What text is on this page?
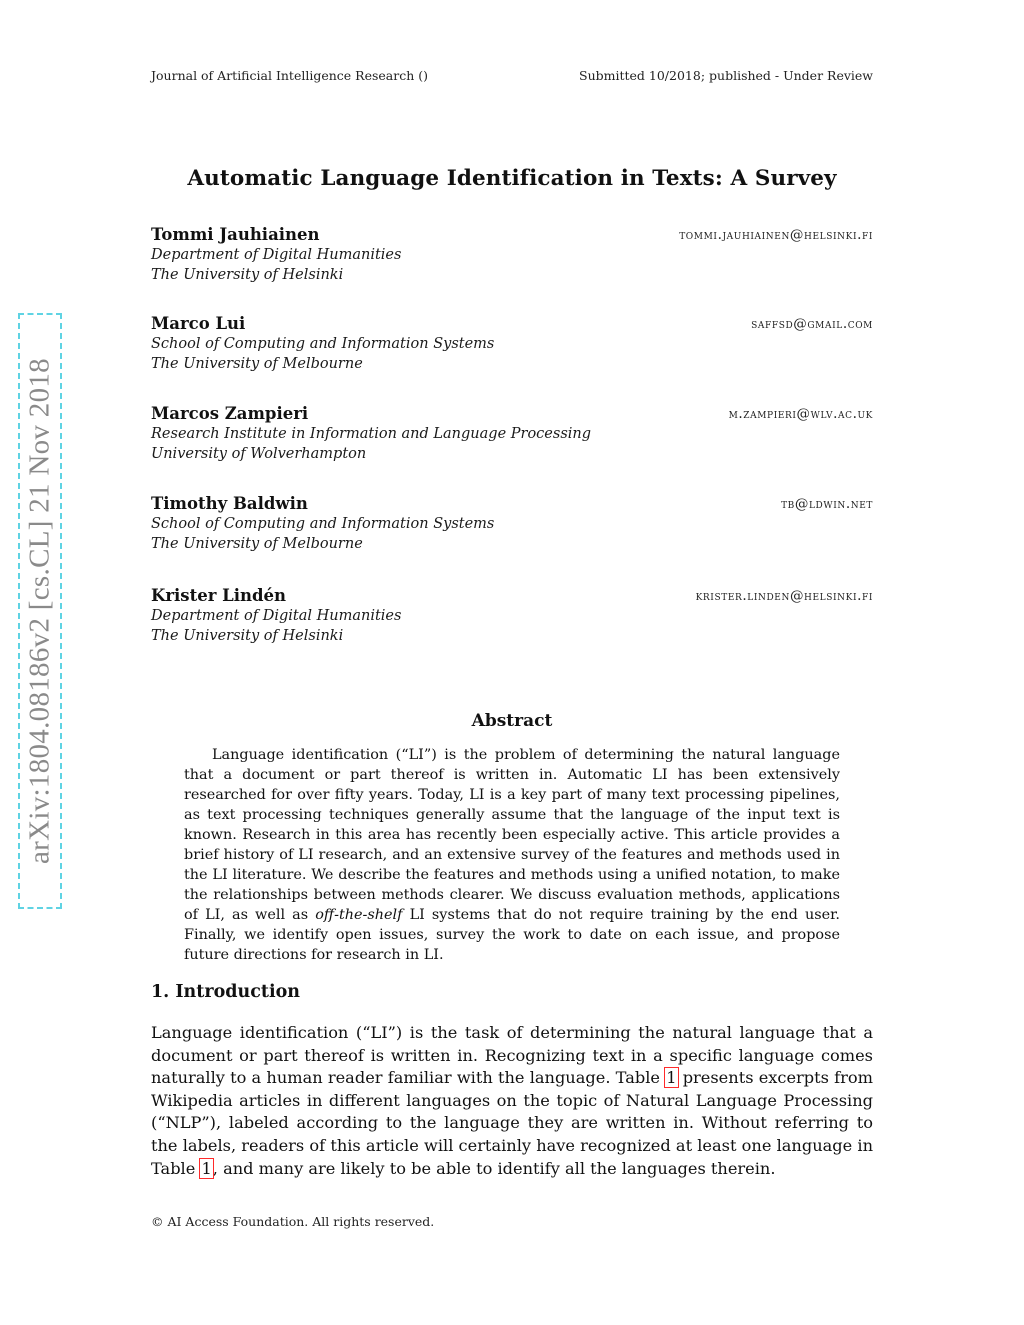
Journal of Artificial Intelligence Research ()	Submitted 10/2018; published - Under Review
Automatic Language Identification in Texts: A Survey
Tommi Jauhiainen	tommi.jauhiainen@helsinki.fi
Department of Digital Humanities
The University of Helsinki
Marco Lui	saffsd@gmail.com
School of Computing and Information Systems
The University of Melbourne
Marcos Zampieri	m.zampieri@wlv.ac.uk
Research Institute in Information and Language Processing
University of Wolverhampton
Timothy Baldwin	tb@ldwin.net
School of Computing and Information Systems
The University of Melbourne
Krister Lindén	krister.linden@helsinki.fi
Department of Digital Humanities
The University of Helsinki
arXiv:1804.08186v2 [cs.CL] 21 Nov 2018	Abstract

Language identification (“LI”) is the problem of determining the natural language that a document or part thereof is written in. Automatic LI has been extensively researched for over fifty years. Today, LI is a key part of many text processing pipelines, as text processing techniques generally assume that the language of the input text is known. Research in this area has recently been especially active. This article provides a brief history of LI research, and an extensive survey of the features and methods used in the LI literature. We describe the features and methods using a unified notation, to make the relationships between methods clearer. We discuss evaluation methods, applications of LI, as well as off-the-shelf LI systems that do not require training by the end user. Finally, we identify open issues, survey the work to date on each issue, and propose future directions for research in LI.

1. Introduction

Language identification (“LI”) is the task of determining the natural language that a document or part thereof is written in. Recognizing text in a specific language comes naturally to a human reader familiar with the language. Table 1 presents excerpts from Wikipedia articles in different languages on the topic of Natural Language Processing (“NLP”), labeled according to the language they are written in. Without referring to the labels, readers of this article will certainly have recognized at least one language in Table 1, and many are likely to be able to identify all the languages therein.

© AI Access Foundation. All rights reserved.
